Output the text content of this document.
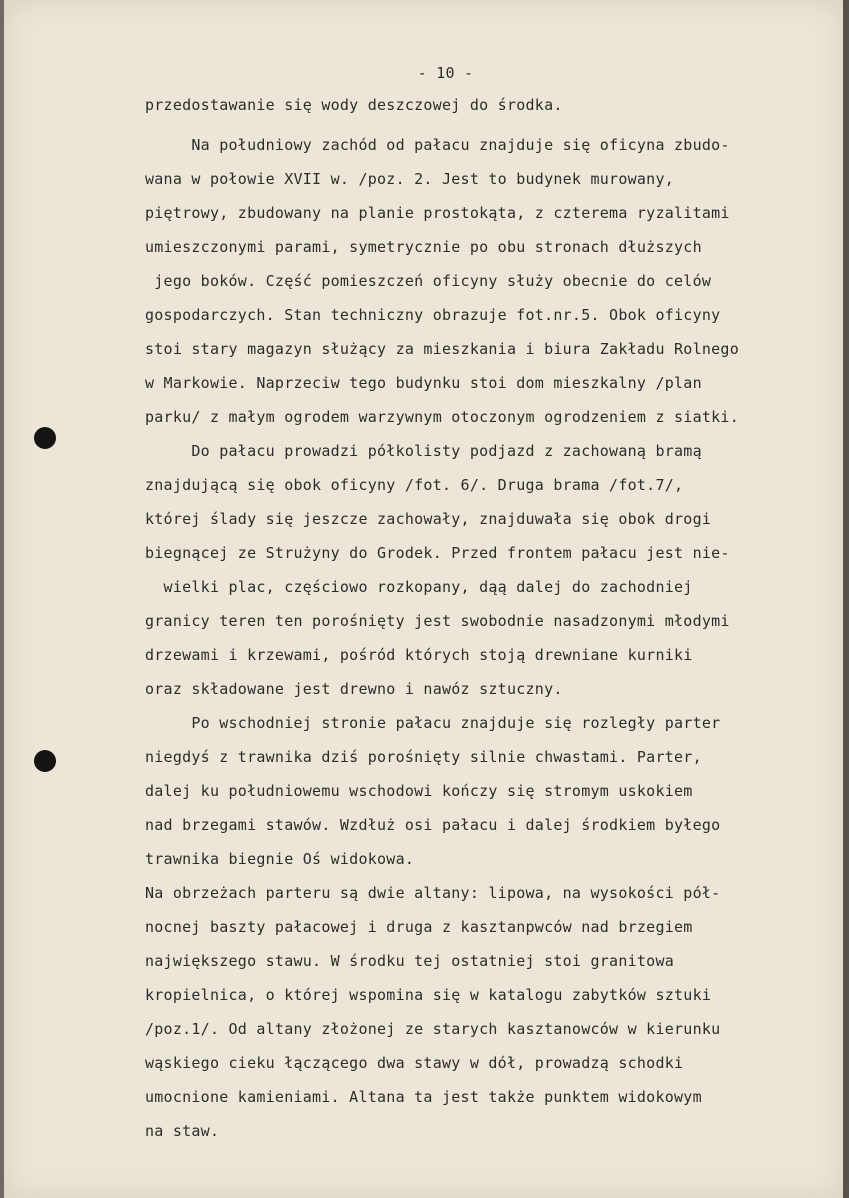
- 10 -

przedostawanie się wody deszczowej do środka.

Na południowy zachód od pałacu znajduje się oficyna zbudo-

wana w połowie XVII w. /poz. 2. Jest to budynek murowany,

piętrowy, zbudowany na planie prostokąta, z czterema ryzalitami

umieszczonymi parami, symetrycznie po obu stronach dłuższych

jego boków. Część pomieszczeń oficyny służy obecnie do celów

gospodarczych. Stan techniczny obrazuje fot.nr.5. Obok oficyny

stoi stary magazyn służący za mieszkania i biura Zakładu Rolnego

w Markowie. Naprzeciw tego budynku stoi dom mieszkalny /plan

parku/ z małym ogrodem warzywnym otoczonym ogrodzeniem z siatki.

Do pałacu prowadzi półkolisty podjazd z zachowaną bramą

znajdującą się obok oficyny /fot. 6/. Druga brama /fot.7/,

której ślady się jeszcze zachowały, znajduwała się obok drogi

biegnącej ze Strużyny do Grodek. Przed frontem pałacu jest nie-

wielki plac, częściowo rozkopany, dąą dalej do zachodniej

granicy teren ten porośnięty jest swobodnie nasadzonymi młodymi

drzewami i krzewami, pośród których stoją drewniane kurniki

oraz składowane jest drewno i nawóz sztuczny.

Po wschodniej stronie pałacu znajduje się rozległy parter

niegdyś z trawnika dziś porośnięty silnie chwastami. Parter,

dalej ku południowemu wschodowi kończy się stromym uskokiem

nad brzegami stawów. Wzdłuż osi pałacu i dalej środkiem byłego

trawnika biegnie Oś widokowa.

Na obrzeżach parteru są dwie altany: lipowa, na wysokości pół-

nocnej baszty pałacowej i druga z kasztanpwców nad brzegiem

największego stawu. W środku tej ostatniej stoi granitowa

kropielnica, o której wspomina się w katalogu zabytków sztuki

/poz.1/. Od altany złożonej ze starych kasztanowców w kierunku

wąskiego cieku łączącego dwa stawy w dół, prowadzą schodki

umocnione kamieniami. Altana ta jest także punktem widokowym

na staw.
